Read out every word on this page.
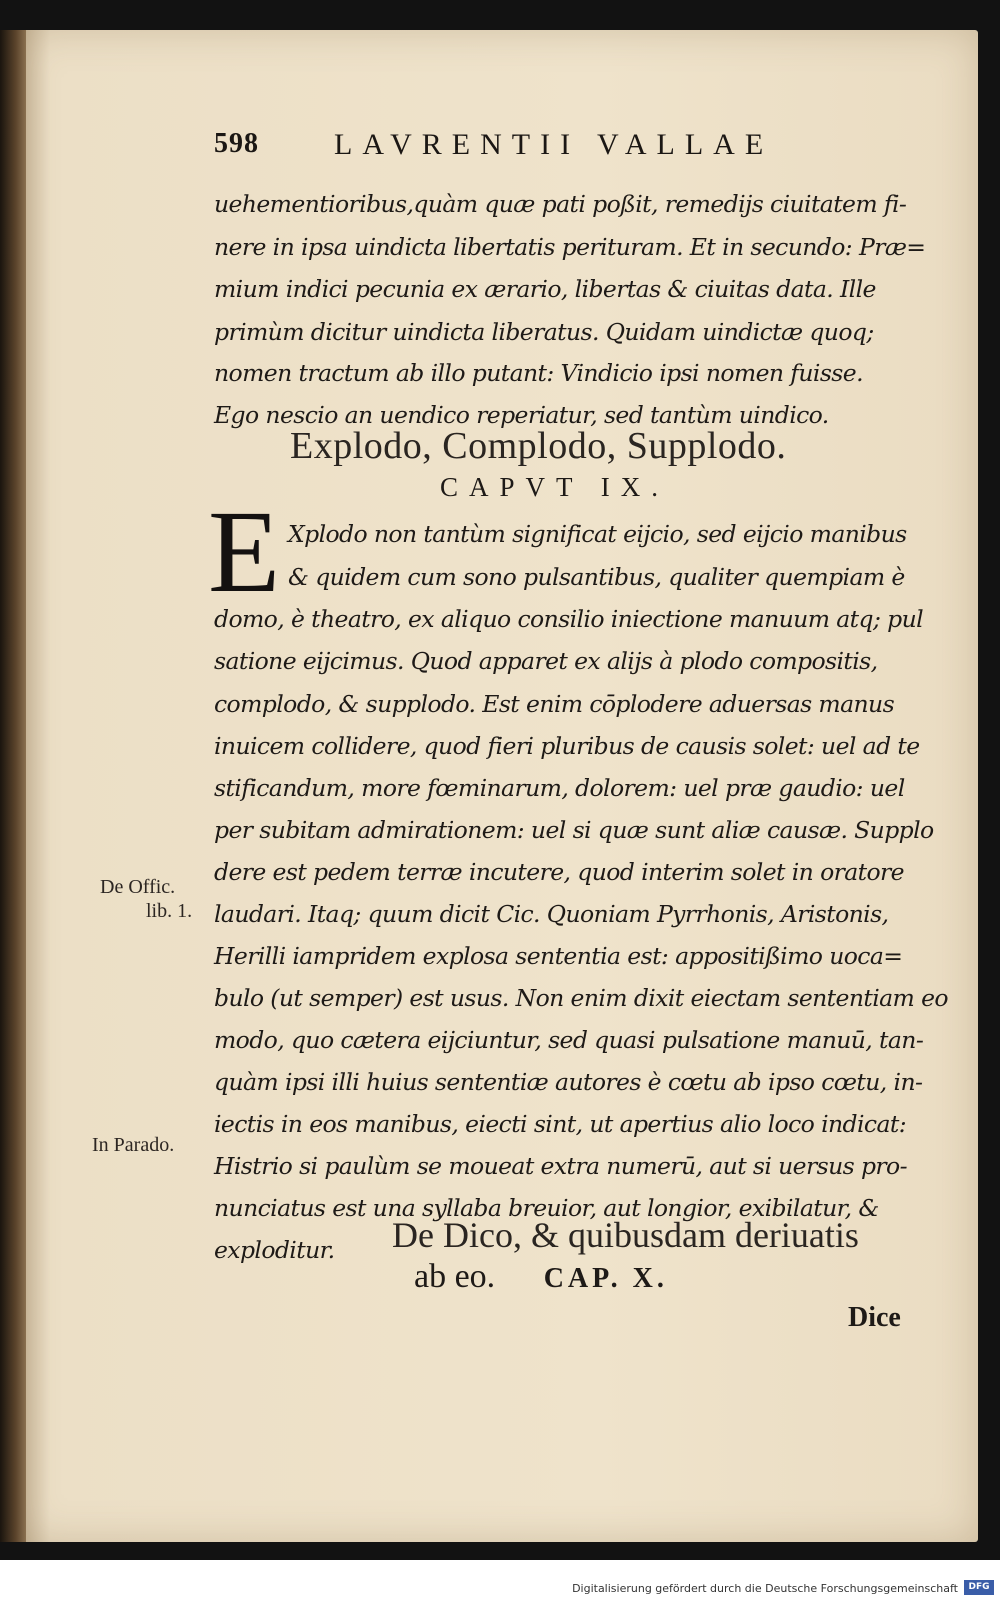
598	LAVRENTII VALLAE
uehementioribus,quàm quæ pati poßit, remedijs ciuitatem fi-
nere in ipsa uindicta libertatis perituram. Et in secundo: Præ=
mium indici pecunia ex ærario, libertas & ciuitas data. Ille
primùm dicitur uindicta liberatus. Quidam uindictæ quoq;
nomen tractum ab illo putant: Vindicio ipsi nomen fuisse.
Ego nescio an uendico reperiatur, sed tantùm uindico.
Explodo, Complodo, Supplodo.
CAPVT IX.
E Xplodo non tantùm significat eijcio, sed eijcio manibus
& quidem cum sono pulsantibus, qualiter quempiam è
domo, è theatro, ex aliquo consilio iniectione manuum atq; pul
satione eijcimus. Quod apparet ex alijs à plodo compositis,
complodo, & supplodo. Est enim cōplodere aduersas manus
inuicem collidere, quod fieri pluribus de causis solet: uel ad te
stificandum, more fœminarum, dolorem: uel præ gaudio: uel
per subitam admirationem: uel si quæ sunt aliæ causæ. Supplo
dere est pedem terræ incutere, quod interim solet in oratore
laudari. Itaq; quum dicit Cic. Quoniam Pyrrhonis, Aristonis,
Herilli iampridem explosa sententia est: appositißimo uoca=
bulo (ut semper) est usus. Non enim dixit eiectam sententiam eo
modo, quo cætera eijciuntur, sed quasi pulsatione manuū, tan-
quàm ipsi illi huius sententiæ autores è cœtu ab ipso cœtu, in-
iectis in eos manibus, eiecti sint, ut apertius alio loco indicat:
Histrio si paulùm se moueat extra numerū, aut si uersus pro-
nunciatus est una syllaba breuior, aut longior, exibilatur, &
exploditur.	De Dico, & quibusdam deriuatis
ab eo. CAP. X.
Dice
De Offic.
lib. 1.
In Parado.
Digitalisierung gefördert durch die Deutsche Forschungsgemeinschaft	DFG
